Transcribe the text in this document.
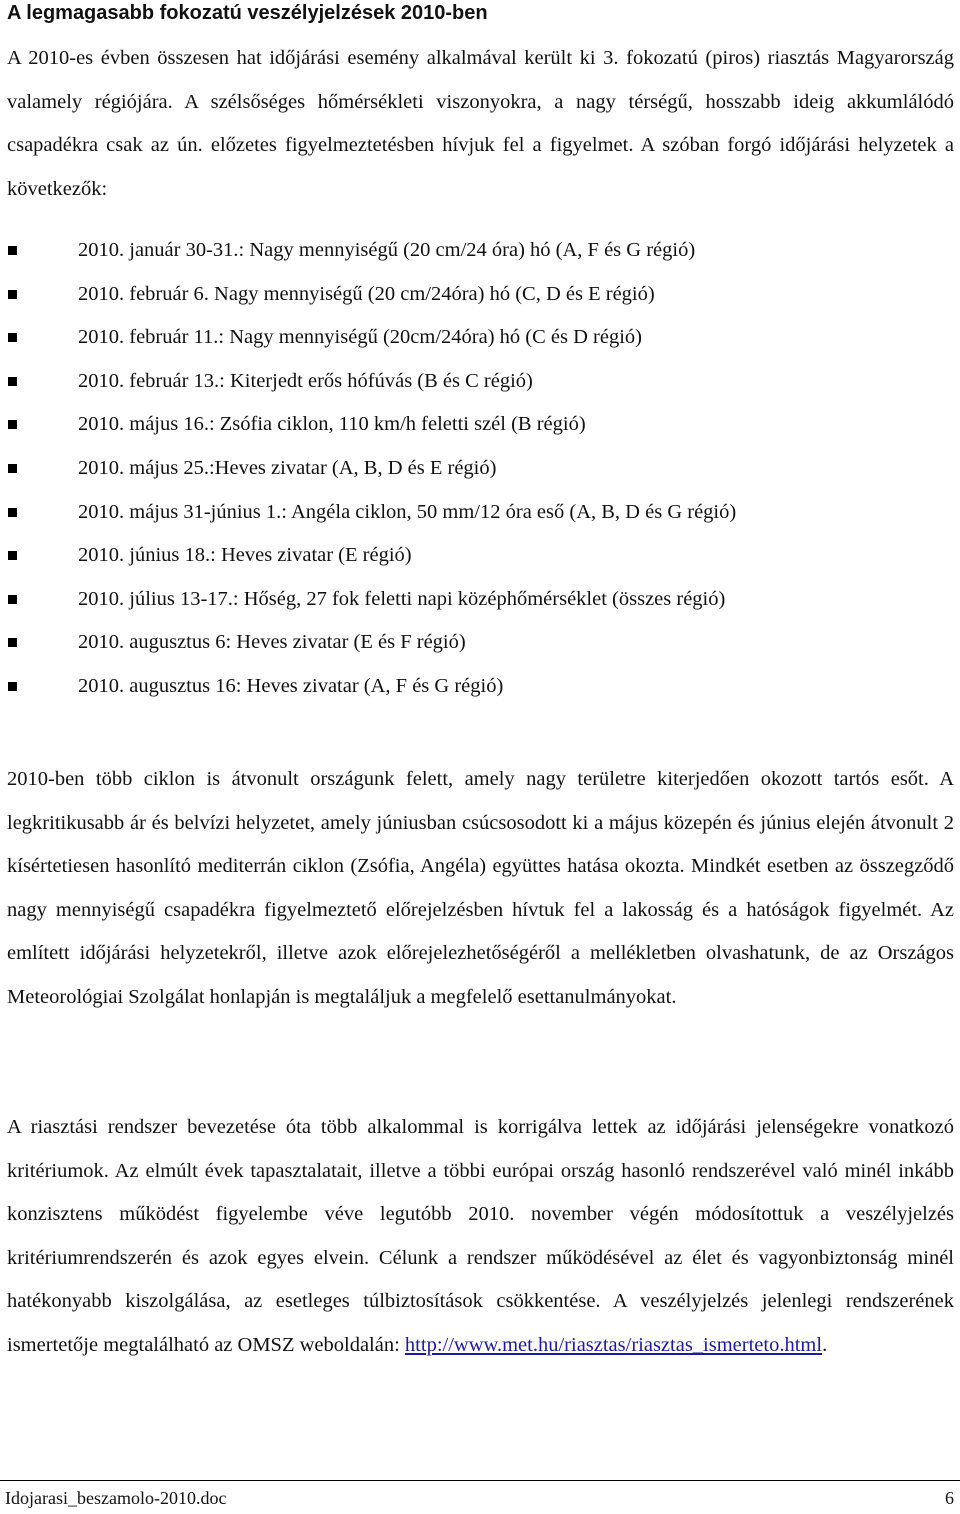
A legmagasabb fokozatú veszélyjelzések 2010-ben

A 2010-es évben összesen hat időjárási esemény alkalmával került ki 3. fokozatú (piros) riasztás Magyarország valamely régiójára. A szélsőséges hőmérsékleti viszonyokra, a nagy térségű, hosszabb ideig akkumlálódó csapadékra csak az ún. előzetes figyelmeztetésben hívjuk fel a figyelmet. A szóban forgó időjárási helyzetek a következők:

2010. január 30-31.: Nagy mennyiségű (20 cm/24 óra) hó (A, F és G régió)
2010. február 6. Nagy mennyiségű (20 cm/24óra) hó (C, D és E régió)
2010. február 11.: Nagy mennyiségű (20cm/24óra) hó (C és D régió)
2010. február 13.: Kiterjedt erős hófúvás (B és C régió)
2010. május 16.: Zsófia ciklon, 110 km/h feletti szél (B régió)
2010. május 25.:Heves zivatar (A, B, D és E régió)
2010. május 31-június 1.: Angéla ciklon, 50 mm/12 óra eső (A, B, D és G régió)
2010. június 18.: Heves zivatar (E régió)
2010. július 13-17.: Hőség, 27 fok feletti napi középhőmérséklet (összes régió)
2010. augusztus 6: Heves zivatar (E és F régió)
2010. augusztus 16: Heves zivatar (A, F és G régió)

2010-ben több ciklon is átvonult országunk felett, amely nagy területre kiterjedően okozott tartós esőt. A legkritikusabb ár és belvízi helyzetet, amely júniusban csúcsosodott ki a május közepén és június elején átvonult 2 kísértetiesen hasonlító mediterrán ciklon (Zsófia, Angéla) együttes hatása okozta. Mindkét esetben az összegződő nagy mennyiségű csapadékra figyelmeztető előrejelzésben hívtuk fel a lakosság és a hatóságok figyelmét. Az említett időjárási helyzetekről, illetve azok előrejelezhetőségéről a mellékletben olvashatunk, de az Országos Meteorológiai Szolgálat honlapján is megtaláljuk a megfelelő esettanulmányokat.

A riasztási rendszer bevezetése óta több alkalommal is korrigálva lettek az időjárási jelenségekre vonatkozó kritériumok. Az elmúlt évek tapasztalatait, illetve a többi európai ország hasonló rendszerével való minél inkább konzisztens működést figyelembe véve legutóbb 2010. november végén módosítottuk a veszélyjelzés kritériumrendszerén és azok egyes elvein. Célunk a rendszer működésével az élet és vagyonbiztonság minél hatékonyabb kiszolgálása, az esetleges túlbiztosítások csökkentése. A veszélyjelzés jelenlegi rendszerének ismertetője megtalálható az OMSZ weboldalán: http://www.met.hu/riasztas/riasztas_ismerteto.html.

Idojarasi_beszamolo-2010.doc	6
